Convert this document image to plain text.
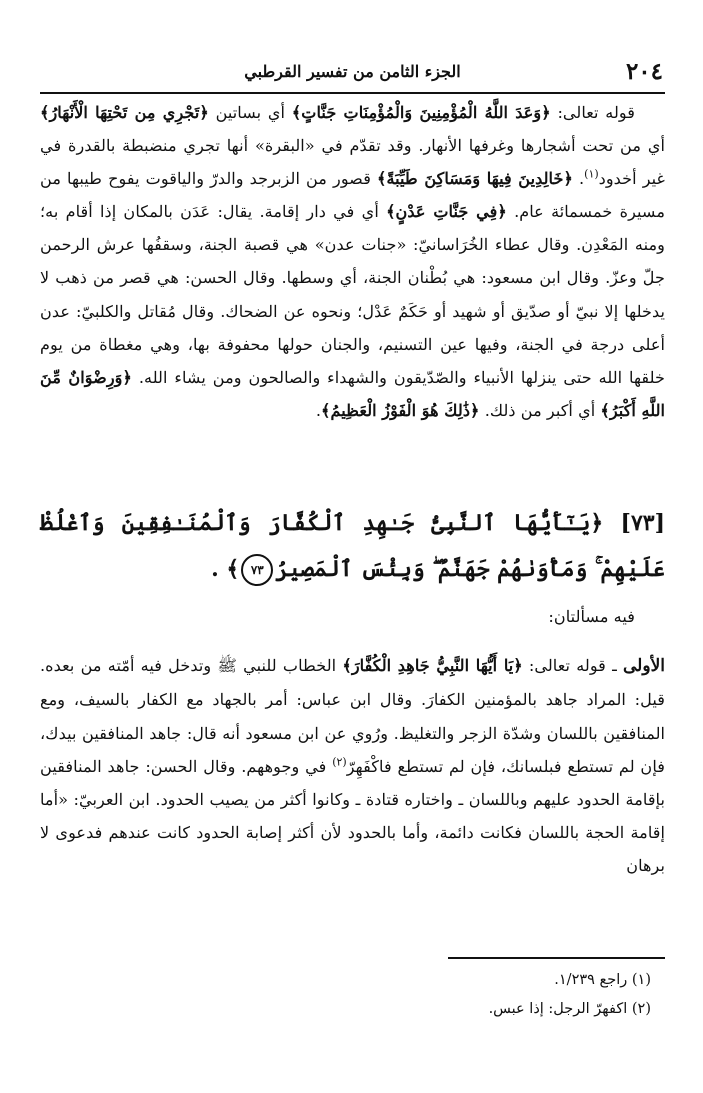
٢٠٤
الجزء الثامن من تفسير القرطبي

قوله تعالى: ﴿وَعَدَ اللَّهُ الْمُؤْمِنِينَ وَالْمُؤْمِنَاتِ جَنَّاتٍ﴾ أي بساتين ﴿تَجْرِي مِن تَحْتِهَا الْأَنْهَارُ﴾ أي من تحت أشجارها وغرفها الأنهار. وقد تقدّم في «البقرة» أنها تجري منضبطة بالقدرة في غير أخدود$^{(١)}$. ﴿خَالِدِينَ فِيهَا وَمَسَاكِنَ طَيِّبَةً﴾ قصور من الزبرجد والدرّ والياقوت يفوح طيبها من مسيرة خمسمائة عام. ﴿فِي جَنَّاتِ عَدْنٍ﴾ أي في دار إقامة. يقال: عَدَن بالمكان إذا أقام به؛ ومنه المَعْدِن. وقال عطاء الخُرَاسانيّ: «جنات عدن» هي قصبة الجنة، وسقفُها عرش الرحمن جلّ وعزّ. وقال ابن مسعود: هي بُطْنان الجنة، أي وسطها. وقال الحسن: هي قصر من ذهب لا يدخلها إلا نبيّ أو صدّيق أو شهيد أو حَكَمٌ عَدْل؛ ونحوه عن الضحاك. وقال مُقاتل والكلبيّ: عدن أعلى درجة في الجنة، وفيها عين التسنيم، والجنان حولها محفوفة بها، وهي مغطاة من يوم خلقها الله حتى ينزلها الأنبياء والصّدّيقون والشهداء والصالحون ومن يشاء الله. ﴿وَرِضْوَانٌ مِّنَ اللَّهِ أَكْبَرُ﴾ أي أكبر من ذلك. ﴿ذَٰلِكَ هُوَ الْفَوْزُ الْعَظِيمُ﴾.

[٧٣] ﴿يَـٰٓأَيُّهَا ٱلنَّبِىُّ جَـٰهِدِ ٱلْكُفَّارَ وَٱلْمُنَـٰفِقِينَ وَٱغْلُظْ عَلَيْهِمْ ۚ وَمَأْوَىٰهُمْ جَهَنَّمُ ۖ وَبِئْسَ ٱلْمَصِيرُ٧٣﴾ .

فيه مسألتان:

الأولى ـ قوله تعالى: ﴿يَا أَيُّهَا النَّبِيُّ جَاهِدِ الْكُفَّارَ﴾ الخطاب للنبي ﷺ وتدخل فيه أمّته من بعده. قيل: المراد جاهد بالمؤمنين الكفارَ. وقال ابن عباس: أمر بالجهاد مع الكفار بالسيف، ومع المنافقين باللسان وشدّة الزجر والتغليظ. ورُوي عن ابن مسعود أنه قال: جاهد المنافقين بيدك، فإن لم تستطع فبلسانك، فإن لم تستطع فاكْفَهِرّ$^{(٢)}$ في وجوههم. وقال الحسن: جاهد المنافقين بإقامة الحدود عليهم وباللسان ـ واختاره قتادة ـ وكانوا أكثر من يصيب الحدود. ابن العربيّ: «أما إقامة الحجة باللسان فكانت دائمة، وأما بالحدود لأن أكثر إصابة الحدود كانت عندهم فدعوى لا برهان

(١) راجع ١/٢٣٩.
(٢) اكفهرّ الرجل: إذا عبس.
